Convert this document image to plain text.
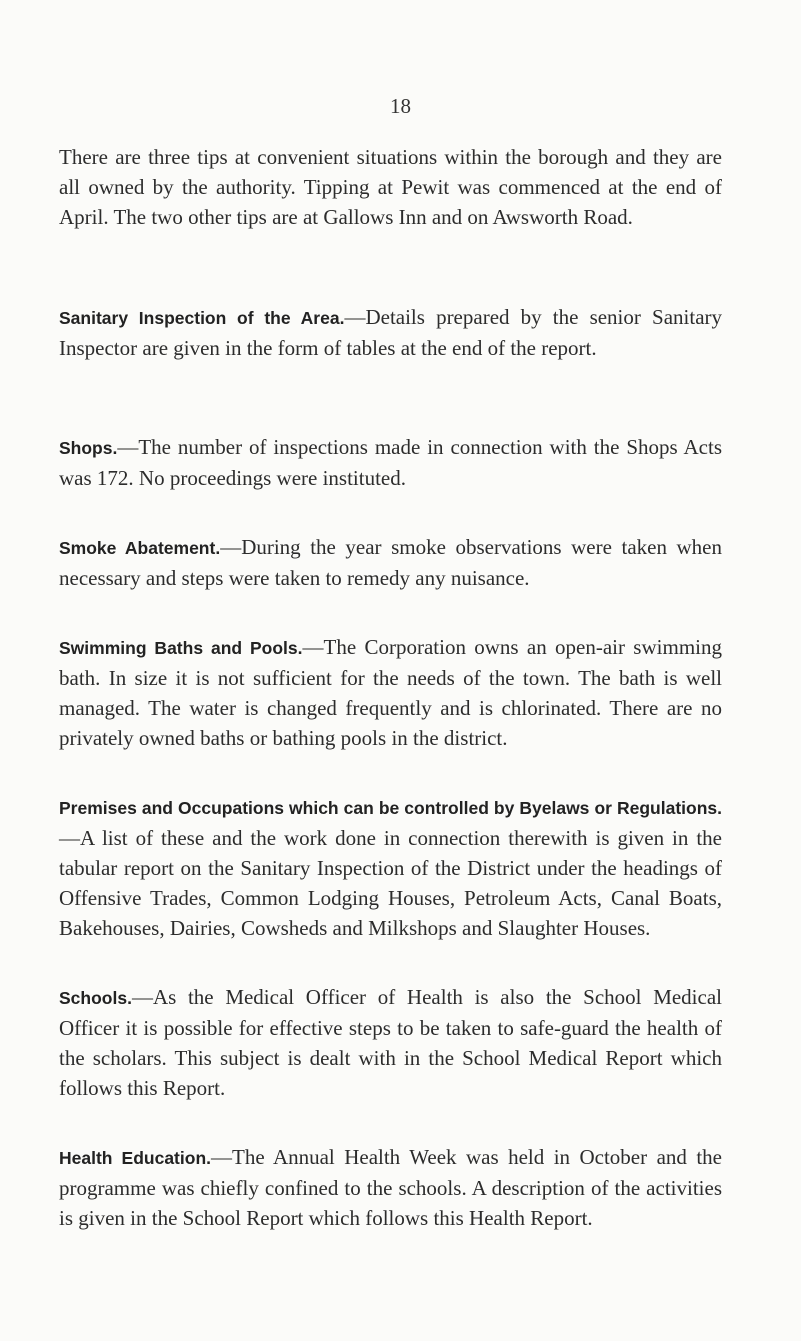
18

There are three tips at convenient situations within the borough and they are all owned by the authority. Tipping at Pewit was commenced at the end of April. The two other tips are at Gallows Inn and on Awsworth Road.

Sanitary Inspection of the Area.—Details prepared by the senior Sanitary Inspector are given in the form of tables at the end of the report.

Shops.—The number of inspections made in connection with the Shops Acts was 172. No proceedings were instituted.

Smoke Abatement.—During the year smoke observations were taken when necessary and steps were taken to remedy any nuisance.

Swimming Baths and Pools.—The Corporation owns an open-air swimming bath. In size it is not sufficient for the needs of the town. The bath is well managed. The water is changed frequently and is chlorinated. There are no privately owned baths or bathing pools in the district.

Premises and Occupations which can be controlled by Byelaws or Regulations.—A list of these and the work done in connection therewith is given in the tabular report on the Sanitary Inspection of the District under the headings of Offensive Trades, Common Lodging Houses, Petroleum Acts, Canal Boats, Bakehouses, Dairies, Cowsheds and Milkshops and Slaughter Houses.

Schools.—As the Medical Officer of Health is also the School Medical Officer it is possible for effective steps to be taken to safe-guard the health of the scholars. This subject is dealt with in the School Medical Report which follows this Report.

Health Education.—The Annual Health Week was held in October and the programme was chiefly confined to the schools. A description of the activities is given in the School Report which follows this Health Report.
